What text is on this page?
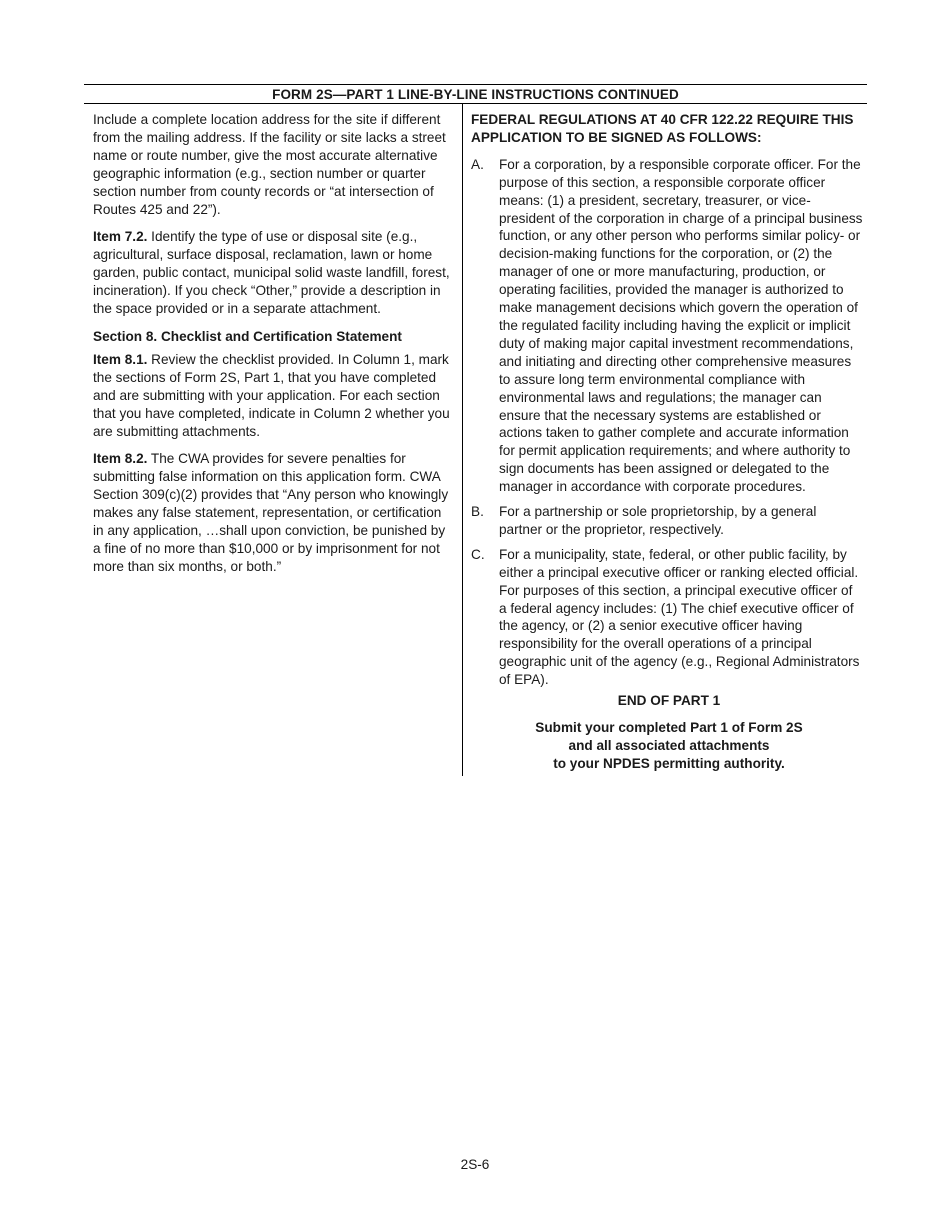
FORM 2S—PART 1 LINE-BY-LINE INSTRUCTIONS CONTINUED

Include a complete location address for the site if different from the mailing address. If the facility or site lacks a street name or route number, give the most accurate alternative geographic information (e.g., section number or quarter section number from county records or “at intersection of Routes 425 and 22”).

Item 7.2. Identify the type of use or disposal site (e.g., agricultural, surface disposal, reclamation, lawn or home garden, public contact, municipal solid waste landfill, forest, incineration). If you check “Other,” provide a description in the space provided or in a separate attachment.

Section 8. Checklist and Certification Statement

Item 8.1. Review the checklist provided. In Column 1, mark the sections of Form 2S, Part 1, that you have completed and are submitting with your application. For each section that you have completed, indicate in Column 2 whether you are submitting attachments.

Item 8.2. The CWA provides for severe penalties for submitting false information on this application form. CWA Section 309(c)(2) provides that “Any person who knowingly makes any false statement, representation, or certification in any application, …shall upon conviction, be punished by a fine of no more than $10,000 or by imprisonment for not more than six months, or both.”

FEDERAL REGULATIONS AT 40 CFR 122.22 REQUIRE THIS APPLICATION TO BE SIGNED AS FOLLOWS:
A.	For a corporation, by a responsible corporate officer. For the purpose of this section, a responsible corporate officer means: (1) a president, secretary, treasurer, or vice-president of the corporation in charge of a principal business function, or any other person who performs similar policy- or decision-making functions for the corporation, or (2) the manager of one or more manufacturing, production, or operating facilities, provided the manager is authorized to make management decisions which govern the operation of the regulated facility including having the explicit or implicit duty of making major capital investment recommendations, and initiating and directing other comprehensive measures to assure long term environmental compliance with environmental laws and regulations; the manager can ensure that the necessary systems are established or actions taken to gather complete and accurate information for permit application requirements; and where authority to sign documents has been assigned or delegated to the manager in accordance with corporate procedures.
B.	For a partnership or sole proprietorship, by a general partner or the proprietor, respectively.
C.	For a municipality, state, federal, or other public facility, by either a principal executive officer or ranking elected official. For purposes of this section, a principal executive officer of a federal agency includes: (1) The chief executive officer of the agency, or (2) a senior executive officer having responsibility for the overall operations of a principal geographic unit of the agency (e.g., Regional Administrators of EPA).
END OF PART 1
Submit your completed Part 1 of Form 2S
and all associated attachments
to your NPDES permitting authority.
2S-6
